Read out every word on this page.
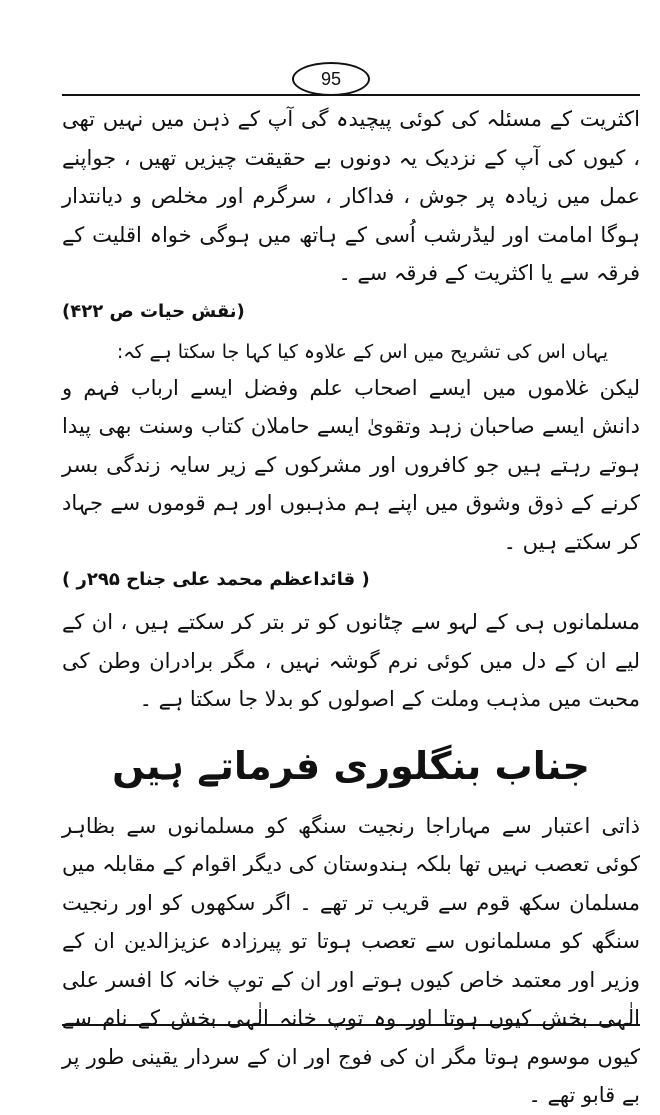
95

اکثریت کے مسئلہ کی کوئی پیچیدہ گی آپ کے ذہن میں نہیں تھی ، کیوں کی آپ کے نزدیک یہ دونوں بے حقیقت چیزیں تھیں ، جواپنے عمل میں زیادہ پر جوش ، فداکار ، سرگرم اور مخلص و دیانتدار ہوگا امامت اور لیڈرشب اُسی کے ہاتھ میں ہوگی خواہ اقلیت کے فرقہ سے یا اکثریت کے فرقہ سے ۔

(نقش حیات ص ۴۲۲)

یہاں اس کی تشریح میں اس کے علاوہ کیا کہا جا سکتا ہے کہ:

لیکن غلاموں میں ایسے اصحاب علم وفضل ایسے ارباب فہم و دانش ایسے صاحبان زہد وتقویٰ ایسے حاملان کتاب وسنت بھی پیدا ہوتے رہتے ہیں جو کافروں اور مشرکوں کے زیر سایہ زندگی بسر کرنے کے ذوق وشوق میں اپنے ہم مذہبوں اور ہم قوموں سے جہاد کر سکتے ہیں ۔

( قائداعظم محمد علی جناح ۲۹۵ر )

مسلمانوں ہی کے لہو سے چٹانوں کو تر بتر کر سکتے ہیں ، ان کے لیے ان کے دل میں کوئی نرم گوشہ نہیں ، مگر برادران وطن کی محبت میں مذہب وملت کے اصولوں کو بدلا جا سکتا ہے ۔

جناب بنگلوری فرماتے ہیں

ذاتی اعتبار سے مہاراجا رنجیت سنگھ کو مسلمانوں سے بظاہر کوئی تعصب نہیں تھا بلکہ ہندوستان کی دیگر اقوام کے مقابلہ میں مسلمان سکھ قوم سے قریب تر تھے ۔ اگر سکھوں کو اور رنجیت سنگھ کو مسلمانوں سے تعصب ہوتا تو پیرزادہ عزیزالدین ان کے وزیر اور معتمد خاص کیوں ہوتے اور ان کے توپ خانہ کا افسر علی الٰہی بخش کیوں ہوتا اور وہ توپ خانہ الٰہی بخش کے نام سے کیوں موسوم ہوتا مگر ان کی فوج اور ان کے سردار یقینی طور پر بے قابو تھے ۔
